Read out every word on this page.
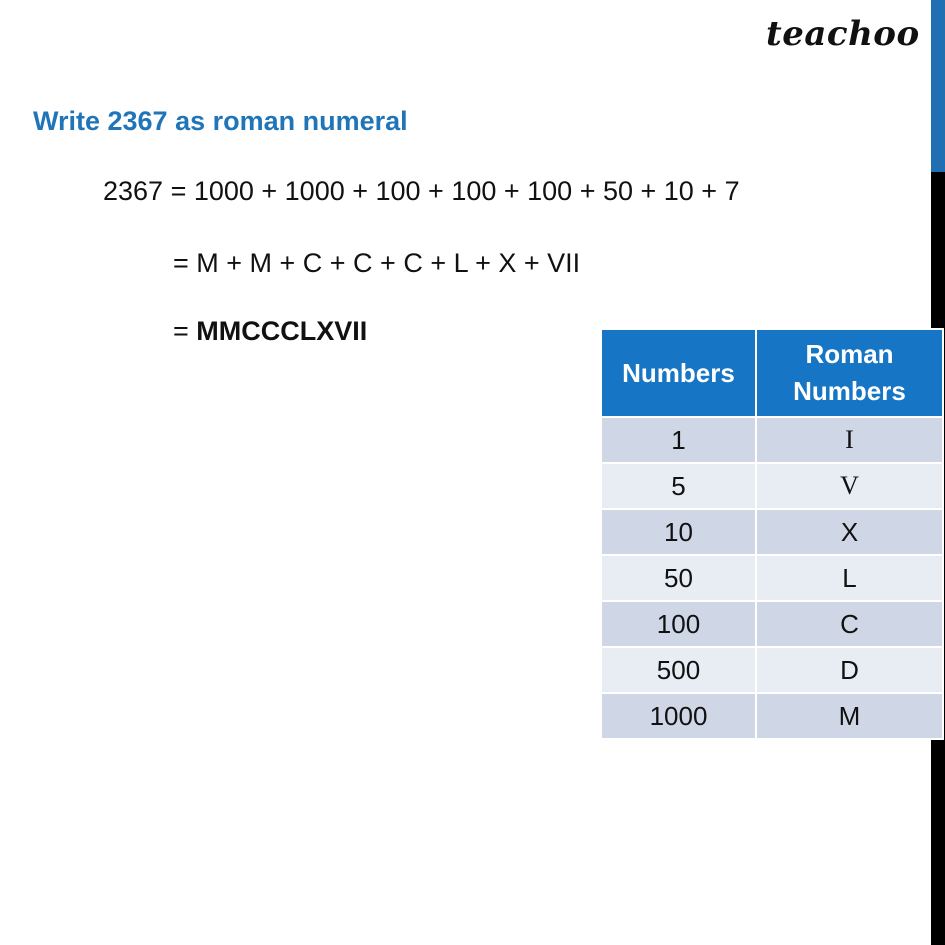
teachoo
Write 2367 as roman numeral
2367 = 1000 + 1000 + 100 + 100 + 100 + 50 + 10 + 7
= M + M + C + C + C + L + X + VII
= MMCCCLXVII
Numbers	Roman Numbers
1	I
5	V
10	X
50	L
100	C
500	D
1000	M
